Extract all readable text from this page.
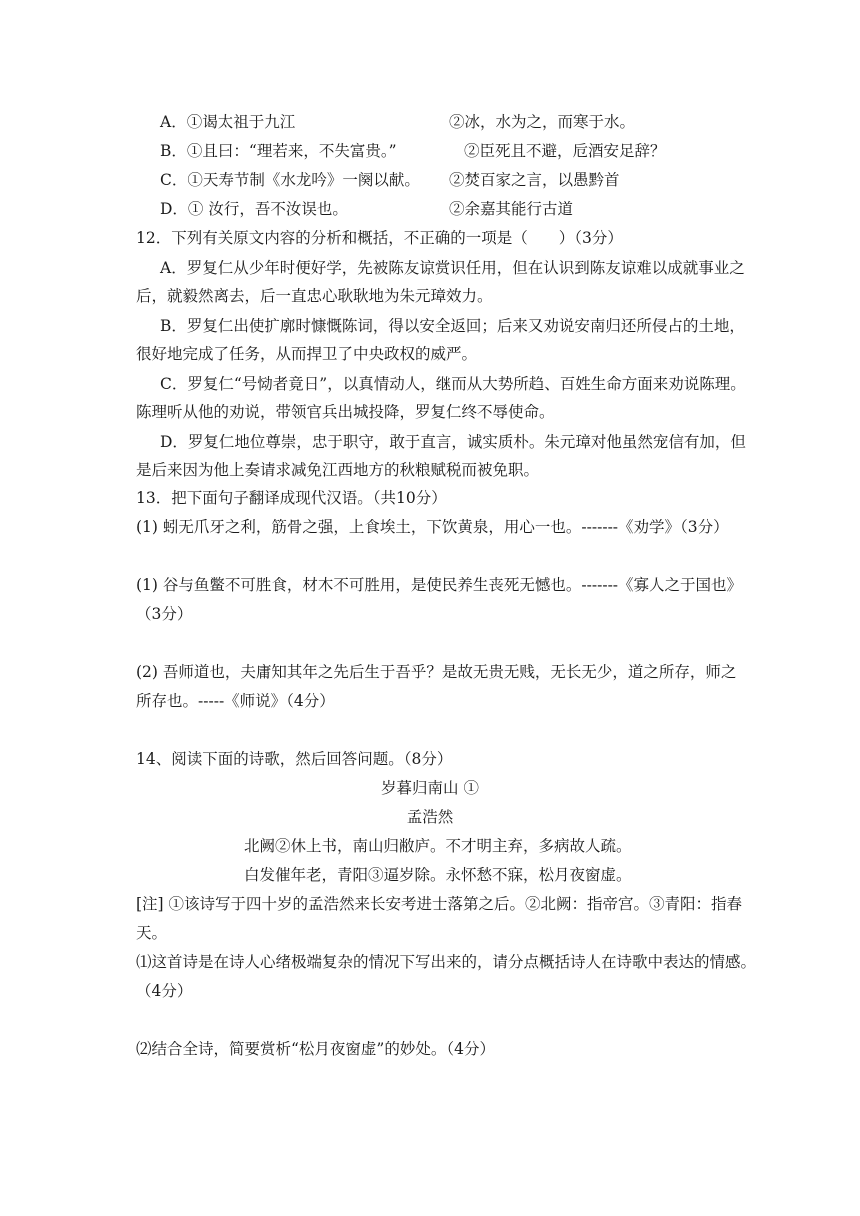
A．①谒太祖于九江	②冰，水为之，而寒于水。
B．①且曰：“理若来，不失富贵。”	②臣死且不避，卮酒安足辞？
C．①天寿节制《水龙吟》一阕以献。 ②焚百家之言，以愚黔首
D．① 汝行，吾不汝误也。	②余嘉其能行古道
12．下列有关原文内容的分析和概括，不正确的一项是（　　）（3分）
A．罗复仁从少年时便好学，先被陈友谅赏识任用，但在认识到陈友谅难以成就事业之
后，就毅然离去，后一直忠心耿耿地为朱元璋效力。
B．罗复仁出使扩廓时慷慨陈词，得以安全返回；后来又劝说安南归还所侵占的土地，
很好地完成了任务，从而捍卫了中央政权的威严。
C．罗复仁“号恸者竟日”，以真情动人，继而从大势所趋、百姓生命方面来劝说陈理。
陈理听从他的劝说，带领官兵出城投降，罗复仁终不辱使命。
D．罗复仁地位尊崇，忠于职守，敢于直言，诚实质朴。朱元璋对他虽然宠信有加，但
是后来因为他上奏请求减免江西地方的秋粮赋税而被免职。
13．把下面句子翻译成现代汉语。（共10分）
(1) 蚓无爪牙之利，筋骨之强，上食埃土，下饮黄泉，用心一也。-------《劝学》（3分）
(1) 谷与鱼鳖不可胜食，材木不可胜用，是使民养生丧死无憾也。-------《寡人之于国也》
（3分）
(2) 吾师道也，夫庸知其年之先后生于吾乎？是故无贵无贱，无长无少，道之所存，师之
所存也。-----《师说》（4分）
14、阅读下面的诗歌，然后回答问题。（8分）
岁暮归南山 ①
孟浩然
北阙②休上书，南山归敝庐。不才明主弃，多病故人疏。
白发催年老，青阳③逼岁除。永怀愁不寐，松月夜窗虚。
[注] ①该诗写于四十岁的孟浩然来长安考进士落第之后。②北阙：指帝宫。③青阳：指春
天。
⑴这首诗是在诗人心绪极端复杂的情况下写出来的，请分点概括诗人在诗歌中表达的情感。
（4分）
⑵结合全诗，简要赏析“松月夜窗虚”的妙处。（4分）
